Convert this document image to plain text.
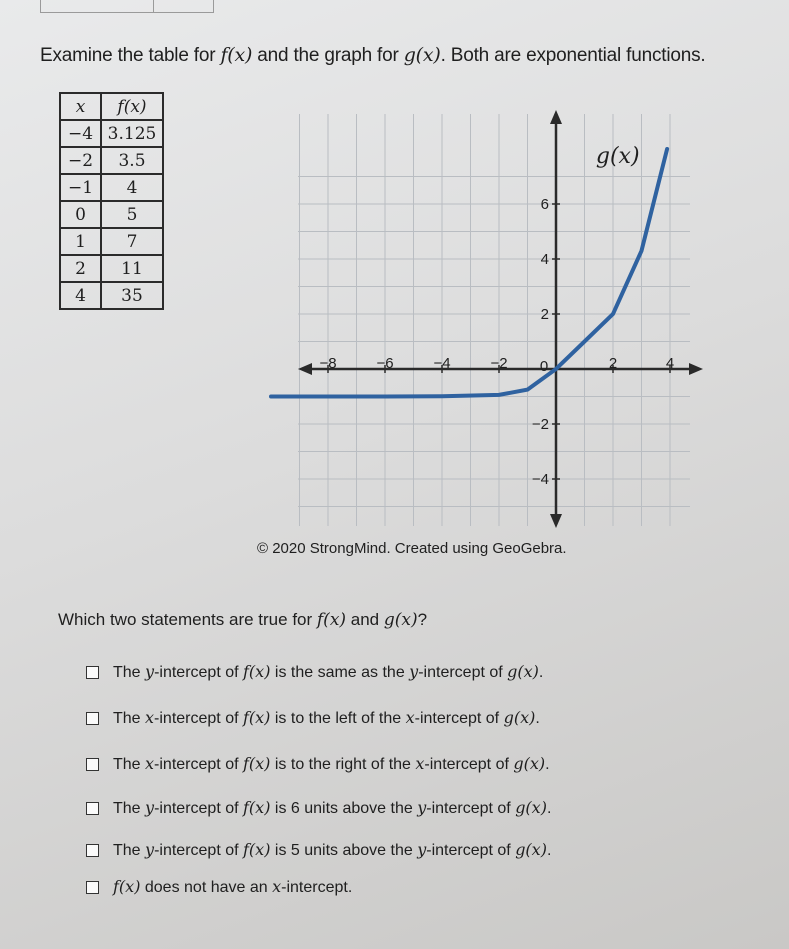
Examine the table for f(x) and the graph for g(x). Both are exponential functions.
x	f(x)
−4	3.125
−2	3.5
−1	4
0	5
1	7
2	11
4	35
−8	−6	−4	−2	2	4
6
4
2
−2
−4
0
g(x)
© 2020 StrongMind. Created using GeoGebra.
Which two statements are true for f(x) and g(x)?
The y-intercept of f(x) is the same as the y-intercept of g(x).
The x-intercept of f(x) is to the left of the x-intercept of g(x).
The x-intercept of f(x) is to the right of the x-intercept of g(x).
The y-intercept of f(x) is 6 units above the y-intercept of g(x).
The y-intercept of f(x) is 5 units above the y-intercept of g(x).
f(x) does not have an x-intercept.
